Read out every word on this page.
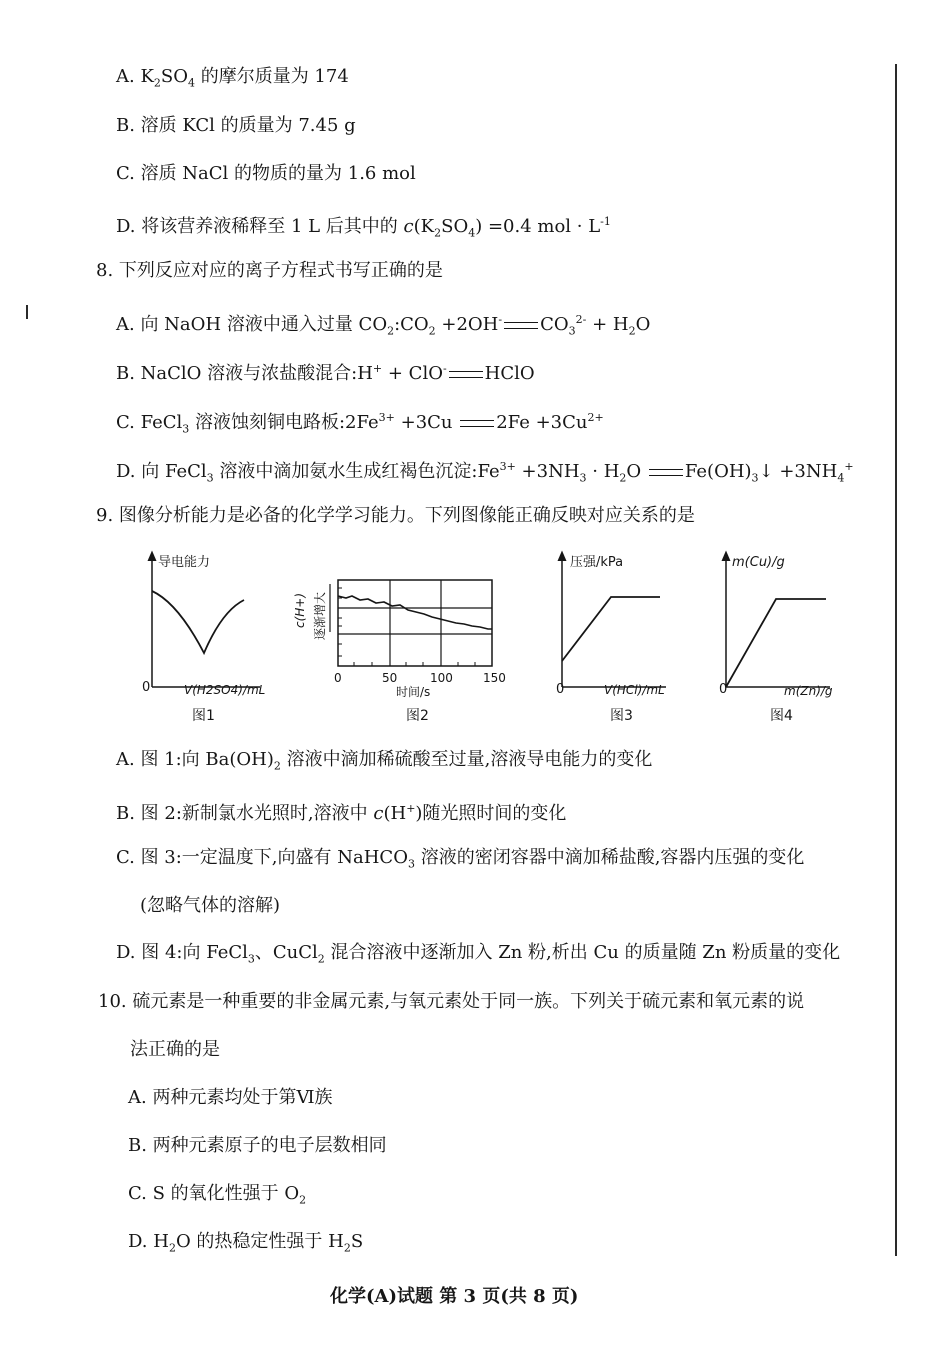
A. $K_2SO_4$ 的摩尔质量为 174
B. 溶质 KCl 的质量为 7.45 g
C. 溶质 NaCl 的物质的量为 1.6 mol
D. 将该营养液稀释至 1 L 后其中的 $c(K_2SO_4) =0.4$ mol · $L^{-1}$
8. 下列反应对应的离子方程式书写正确的是
A. 向 NaOH 溶液中通入过量 $CO_2:CO_2 +2OH^-$ $CO_3^{2-} + H_2O$
B. NaClO 溶液与浓盐酸混合:H+ + ClO- HClO
C. FeCl$_3$ 溶液蚀刻铜电路板$:2Fe^{3+} +3Cu$ $2Fe +3Cu^{2+}$
D. 向 FeCl$_3$ 溶液中滴加氨水生成红褐色沉淀$:Fe^{3+} +3NH_3 \cdot H_2O$ $Fe(OH)_3↓ +3NH_4^+$
9. 图像分析能力是必备的化学学习能力。下列图像能正确反映对应关系的是
导电能力
0	V(H2SO4)/mL
图1
c(H+) 逐渐增大
0	50	100	150
时间/s
图2
压强/kPa
0	V(HCl)/mL
图3
m(Cu)/g
0	m(Zn)/g
图4
A. 图 1:向 $Ba(OH)_2$ 溶液中滴加稀硫酸至过量,溶液导电能力的变化
B. 图 2:新制氯水光照时,溶液中 c(H+)随光照时间的变化
C. 图 3:一定温度下,向盛有 NaHCO$_3$ 溶液的密闭容器中滴加稀盐酸,容器内压强的变化
(忽略气体的溶解)
D. 图 4:向 FeCl$_3$、CuCl$_2$ 混合溶液中逐渐加入 Zn 粉,析出 Cu 的质量随 Zn 粉质量的变化
10. 硫元素是一种重要的非金属元素,与氧元素处于同一族。下列关于硫元素和氧元素的说
法正确的是
A. 两种元素均处于第Ⅵ族
B. 两种元素原子的电子层数相同
C. S 的氧化性强于 $O_2$
D. $H_2O$ 的热稳定性强于 $H_2S$
化学(A)试题 第 3 页(共 8 页)
